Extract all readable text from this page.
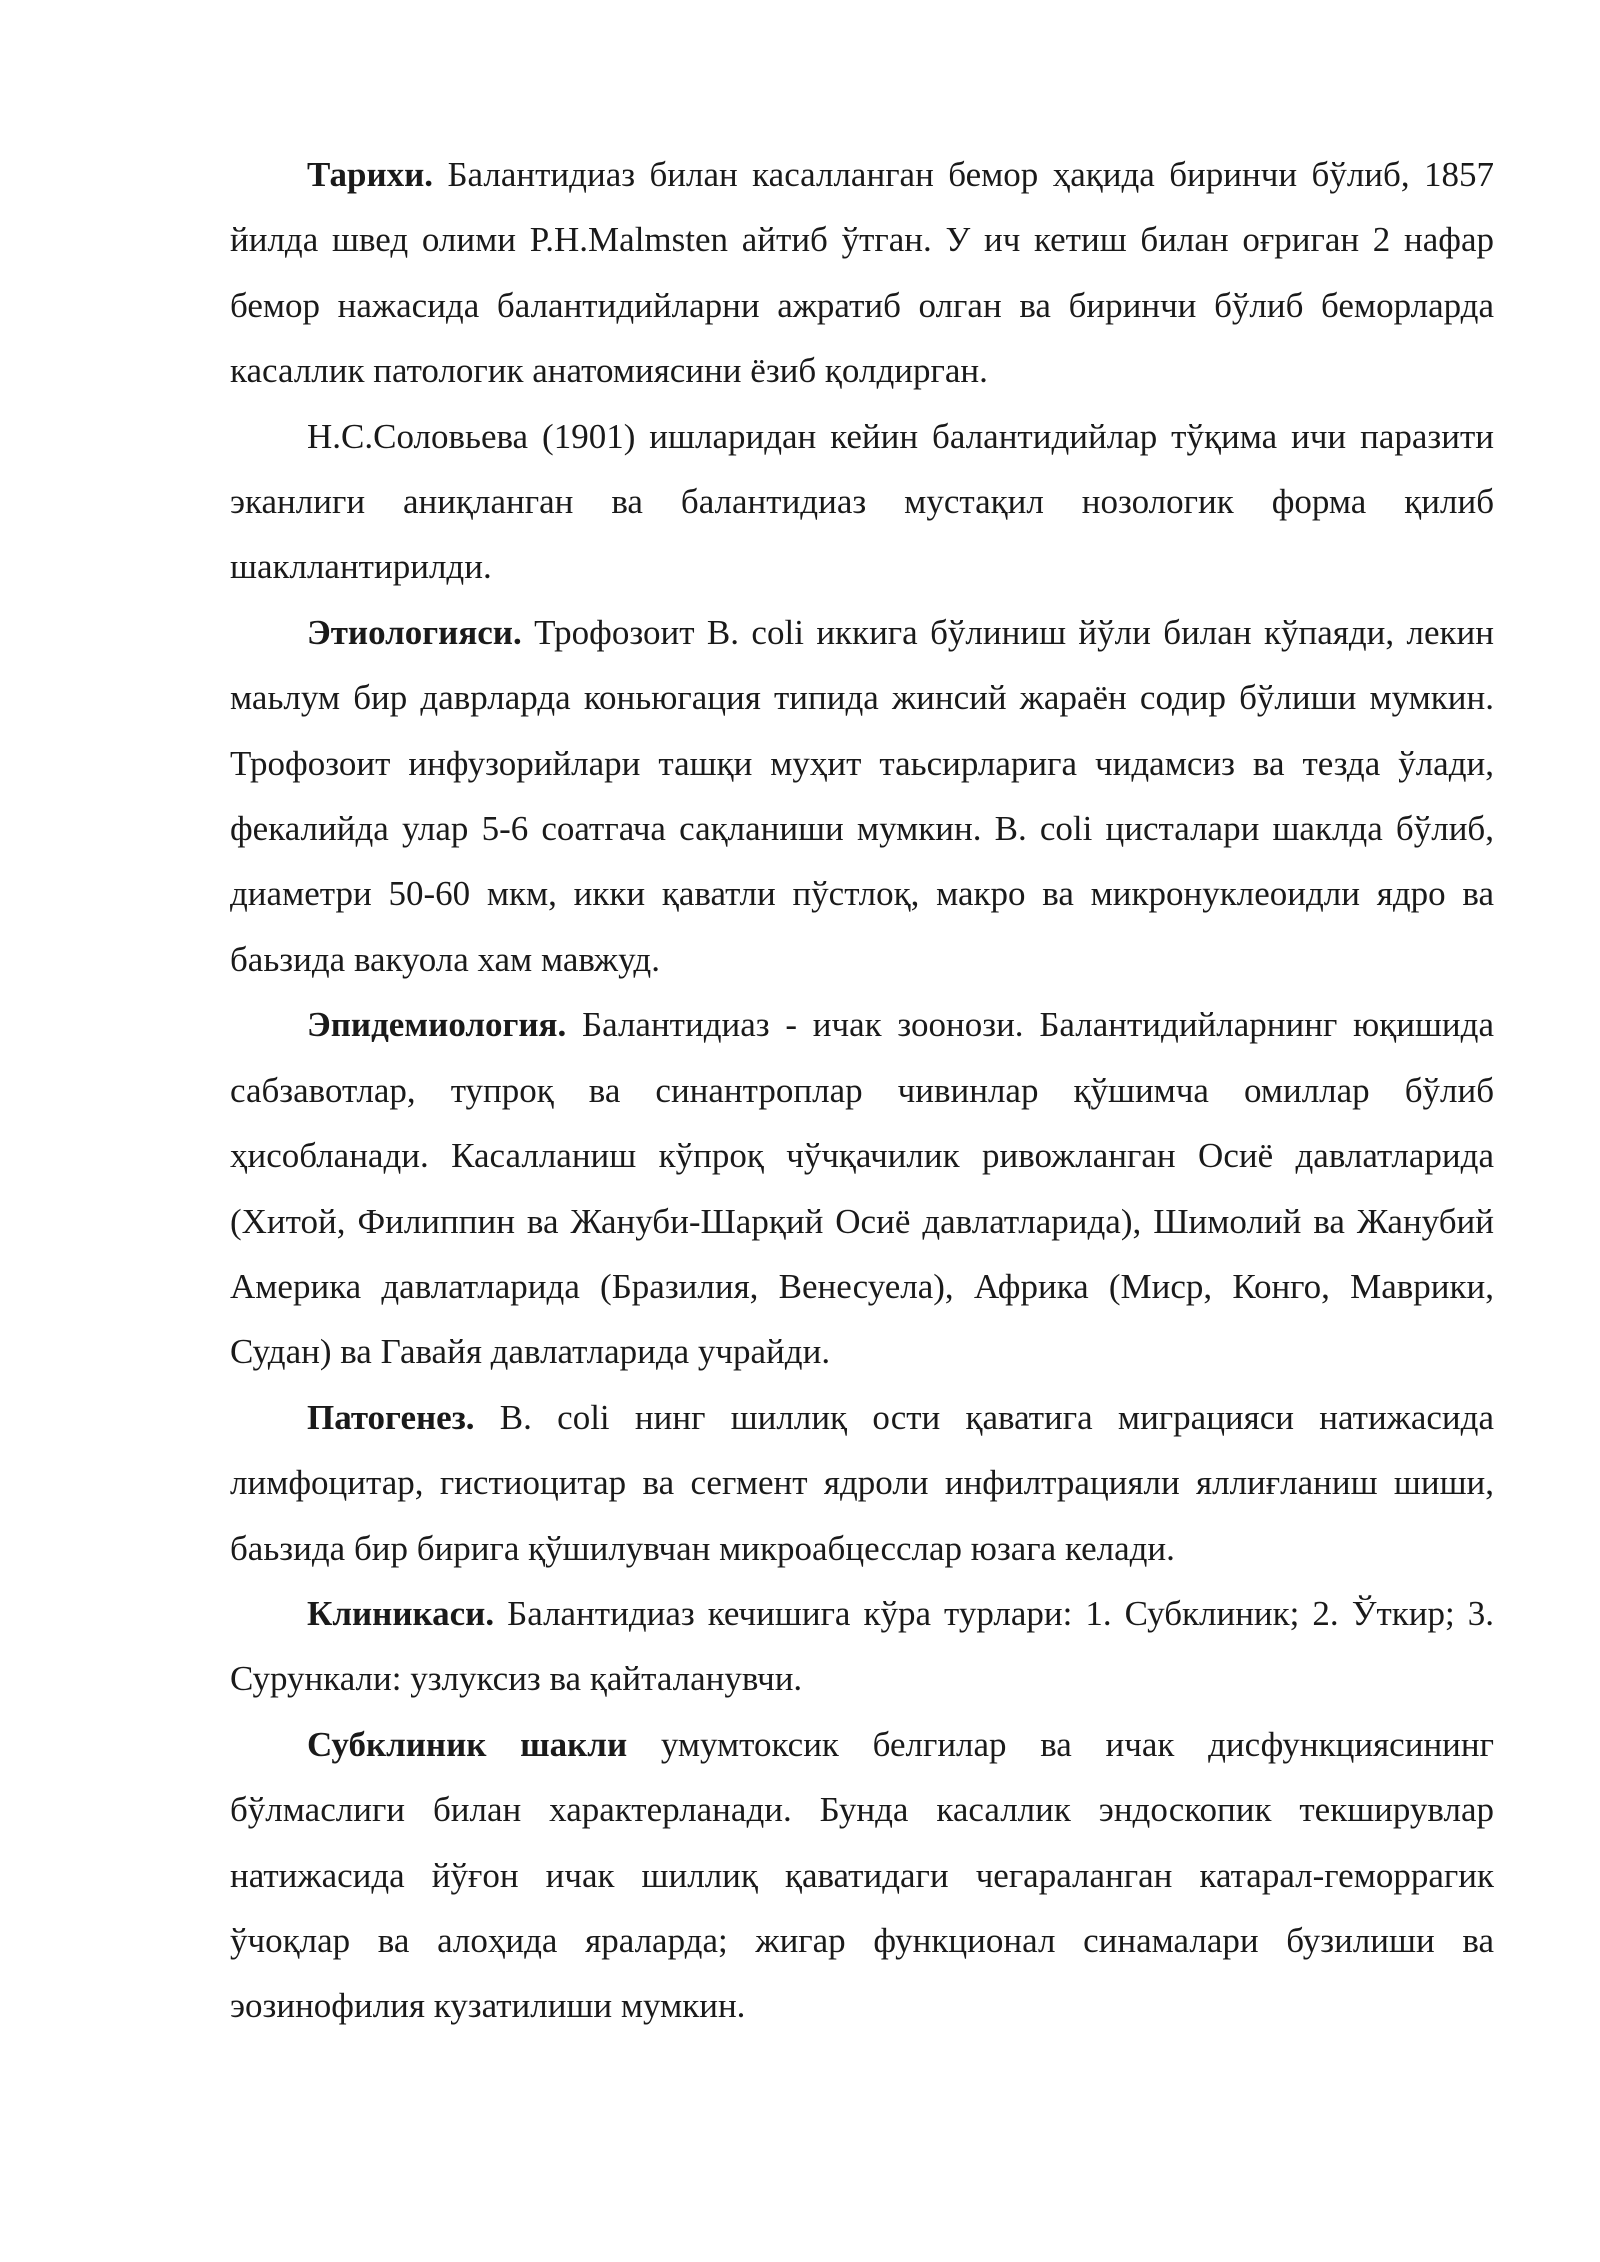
Тарихи. Балантидиаз билан касалланган бемор ҳақида биринчи бўлиб, 1857 йилда швед олими P.H.Malmsten айтиб ўтган. У ич кетиш билан оғриган 2 нафар бемор нажасида балантидийларни ажратиб олган ва биринчи бўлиб беморларда касаллик патологик анатомиясини ёзиб қолдирган.

Н.С.Соловьева (1901) ишларидан кейин балантидийлар тўқима ичи паразити эканлиги аниқланган ва балантидиаз мустақил нозологик форма қилиб шакллантирилди.

Этиологияси. Трофозоит B. coli иккига бўлиниш йўли билан кўпаяди, лекин маьлум бир даврларда коньюгация типида жинсий жараён содир бўлиши мумкин. Трофозоит инфузорийлари ташқи муҳит таьсирларига чидамсиз ва тезда ўлади, фекалийда улар 5-6 соатгача сақланиши мумкин. B. coli цисталари шаклда бўлиб, диаметри 50-60 мкм, икки қаватли пўстлоқ, макро ва микронуклеоидли ядро ва баьзида вакуола хам мавжуд.

Эпидемиология. Балантидиаз - ичак зоонози. Балантидийларнинг юқишида сабзавотлар, тупроқ ва синантроплар чивинлар қўшимча омиллар бўлиб ҳисобланади. Касалланиш кўпроқ чўчқачилик ривожланган Осиё давлатларида (Хитой, Филиппин ва Жануби-Шарқий Осиё давлатларида), Шимолий ва Жанубий Америка давлатларида (Бразилия, Венесуела), Африка (Миср, Конго, Маврики, Судан) ва Гавайя давлатларида учрайди.

Патогенез. B. coli нинг шиллиқ ости қаватига миграцияси натижасида лимфоцитар, гистиоцитар ва сегмент ядроли инфилтрацияли яллиғланиш шиши, баьзида бир бирига қўшилувчан микроабцесслар юзага келади.

Клиникаси. Балантидиаз кечишига кўра турлари: 1. Субклиник; 2. Ўткир; 3. Сурункали: узлуксиз ва қайталанувчи.

Субклиник шакли умумтоксик белгилар ва ичак дисфункциясининг бўлмаслиги билан характерланади. Бунда касаллик эндоскопик текширувлар натижасида йўғон ичак шиллиқ қаватидаги чегараланган катарал-геморрагик ўчоқлар ва алоҳида яраларда; жигар функционал синамалари бузилиши ва эозинофилия кузатилиши мумкин.
